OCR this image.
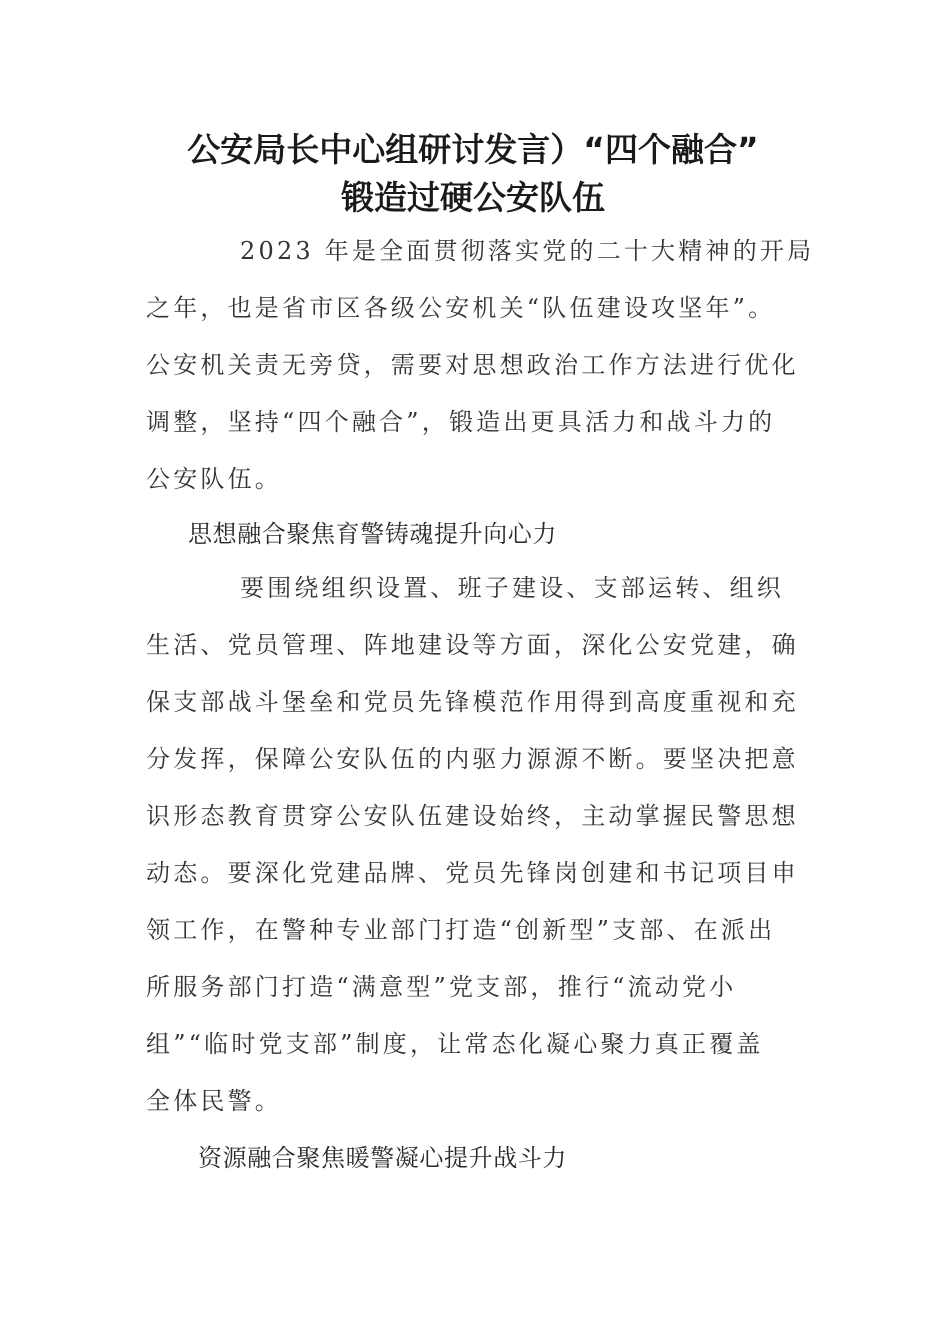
公安局长中心组研讨发言）“四个融合”
锻造过硬公安队伍
2023 年是全面贯彻落实党的二十大精神的开局
之年，也是省市区各级公安机关“队伍建设攻坚年”。
公安机关责无旁贷，需要对思想政治工作方法进行优化
调整，坚持“四个融合”，锻造出更具活力和战斗力的
公安队伍。
思想融合聚焦育警铸魂提升向心力
要围绕组织设置、班子建设、支部运转、组织
生活、党员管理、阵地建设等方面，深化公安党建，确
保支部战斗堡垒和党员先锋模范作用得到高度重视和充
分发挥，保障公安队伍的内驱力源源不断。要坚决把意
识形态教育贯穿公安队伍建设始终，主动掌握民警思想
动态。要深化党建品牌、党员先锋岗创建和书记项目申
领工作，在警种专业部门打造“创新型”支部、在派出
所服务部门打造“满意型”党支部，推行“流动党小
组”“临时党支部”制度，让常态化凝心聚力真正覆盖
全体民警。
资源融合聚焦暖警凝心提升战斗力
